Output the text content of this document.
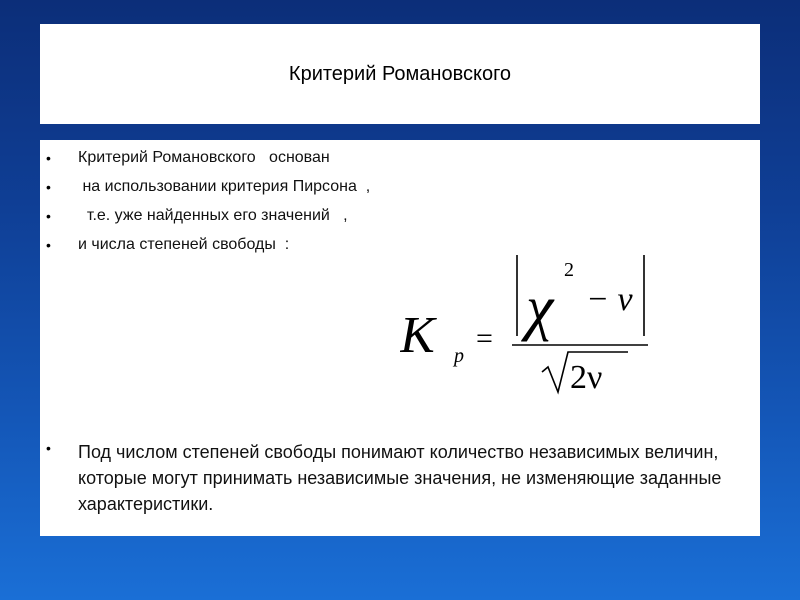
Критерий Романовского

•

Критерий Романовского   основан

•

на использовании критерия Пирсона  ,

•

т.е. уже найденных его значений   ,

•

и числа степеней свободы  :

K p
= χ
2
− ν
2ν
• Под числом степеней свободы понимают количество независимых величин, которые могут принимать независимые значения, не изменяющие заданные характеристики.
